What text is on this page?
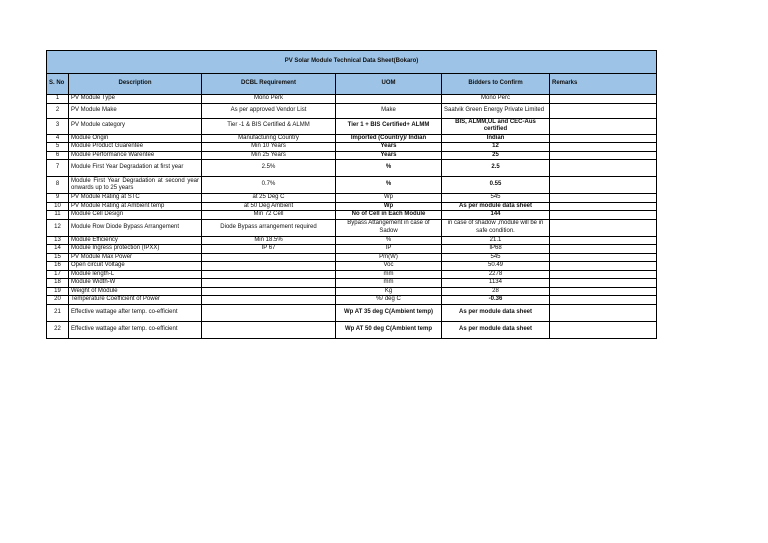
PV Solar Module Technical Data Sheet(Bokaro)					
S. No	Description	DCBL Requirement	UOM	Bidders to Confirm	Remarks
1	PV Module Type	Mono Perk		Mono Perc	
2	PV Module Make	As per approved Vendor List	Make	Saatvik Green Energy Private Limited	
3	PV Module category	Tier -1 & BIS Certified & ALMM	Tier 1 + BIS Certified+ ALMM	BIS, ALMM,UL and CEC-Aus certified	
4	Module Origin	Manufacturing Country	Imported (Country)/ Indian	Indian	
5	Module Product Guarentee	Min 10 Years	Years	12	
6	Module Performance Warentee	Min 25 Years	Years	25	
7	Module First Year Degradation at first year	2.5%	%	2.5	
8	Module First Year Degradation at second year onwards up to 25 years	0.7%	%	0.55	
9	PV Module Rating at STC	at 25 Deg C	Wp	545	
10	PV Module Rating at Ambient temp	at 50 Deg Ambient	Wp	As per module data sheet	
11	Module Cell Design	Min 72 Cell	No of Cell in Each Module	144	
12	Module Row Diode Bypass Arrangement	Diode Bypass arrangement required	Bypass Attangement in case of Sadow	in case of shadow ,module will be in safe condition.	
13	Module Efficiency	Min 18.5%	%	21.1	
14	Module Ingress protection (IPXX)	IP 67	IP	IP68	
15	PV Module Max Power		Pm(W)	545	
16	Open circuit Voltage		Voc	50.49	
17	Module length-L		mm	2278	
18	Module Width-W		mm	1134	
19	Weight of Module		Kg	28	
20	Temperature Coefficient of Power		%/ deg C	-0.36	
21	Effective wattage after temp. co-efficient		Wp AT 35 deg C(Ambient temp)	As per module data sheet	
22	Effective wattage after temp. co-efficient		Wp AT 50 deg C(Ambient temp	As per module data sheet	
